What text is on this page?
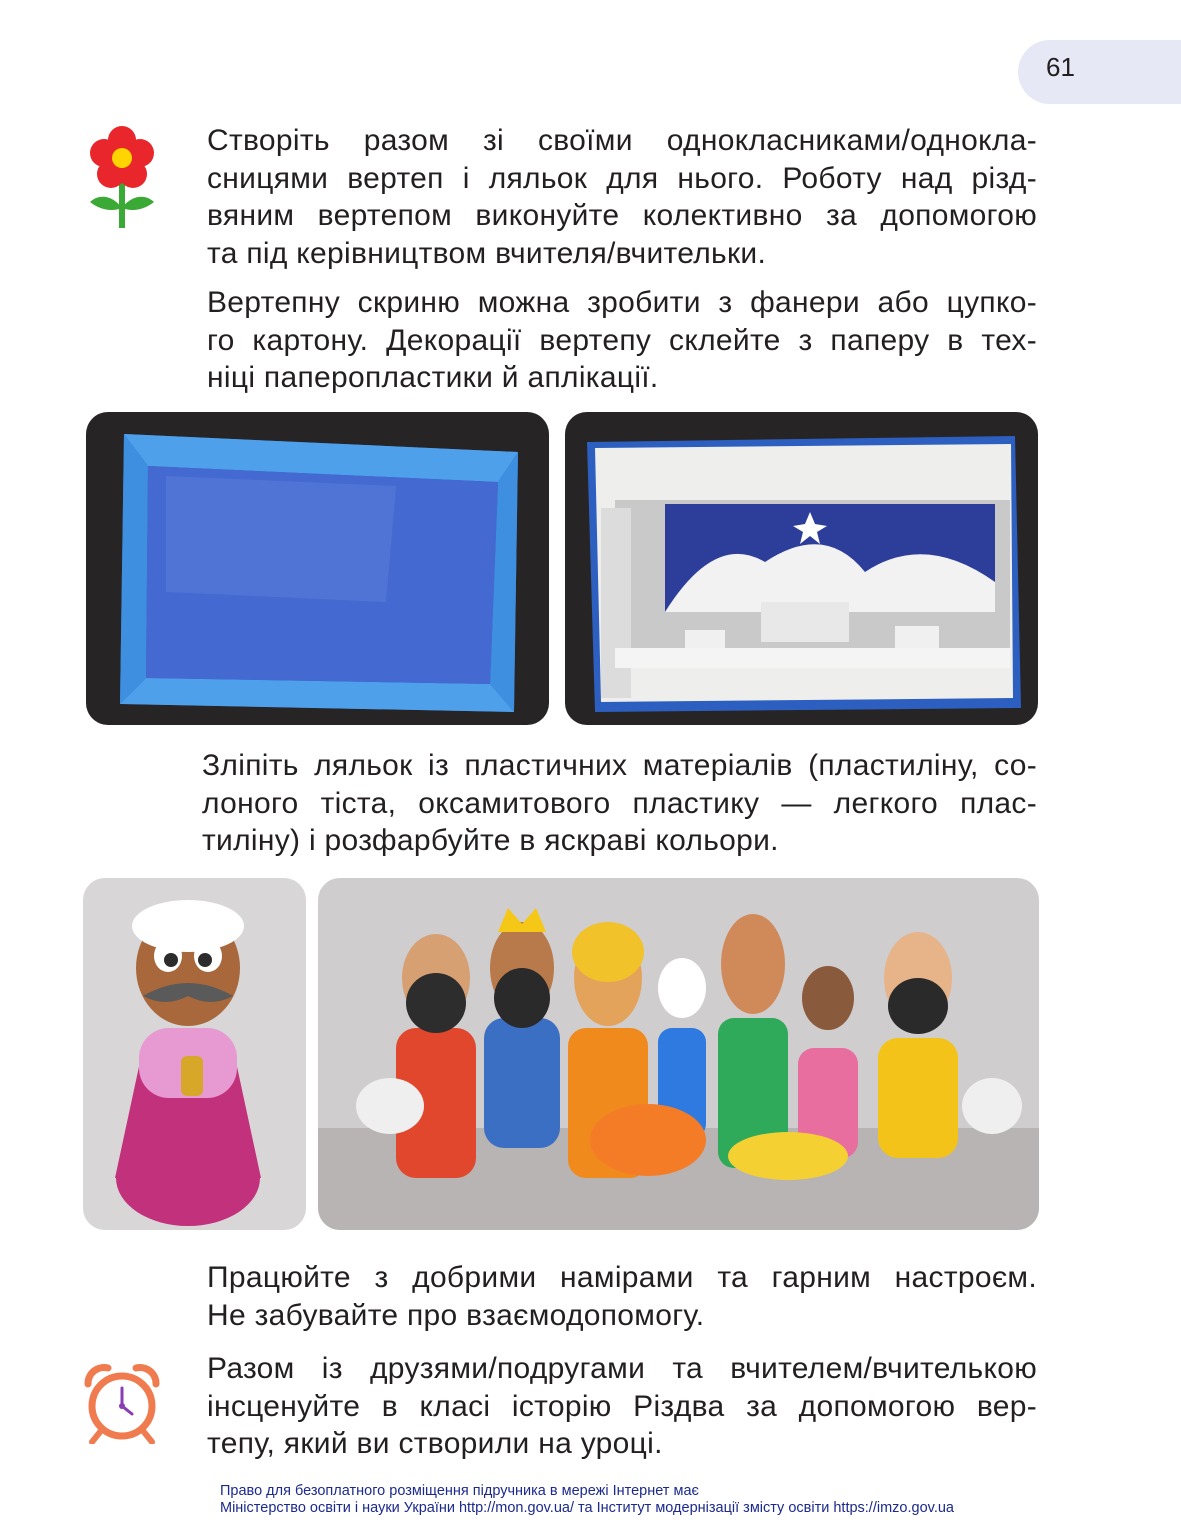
61
Створіть разом зі своїми однокласниками/однокла-
сницями вертеп і ляльок для нього. Роботу над різд-
вяним вертепом виконуйте колективно за допомогою
та під керівництвом вчителя/вчительки.
Вертепну скриню можна зробити з фанери або цупко-
го картону. Декорації вертепу склейте з паперу в тех-
ніці паперопластики й аплікації.
Зліпіть ляльок із пластичних матеріалів (пластиліну, со-
лоного тіста, оксамитового пластику — легкого плас-
тиліну) і розфарбуйте в яскраві кольори.
Працюйте з добрими намірами та гарним настроєм.
Не забувайте про взаємодопомогу.
Разом із друзями/подругами та вчителем/вчителькою
інсценуйте в класі історію Різдва за допомогою вер-
тепу, який ви створили на уроці.
Право для безоплатного розміщення підручника в мережі Інтернет має
Міністерство освіти і науки України http://mon.gov.ua/ та Інститут модернізації змісту освіти https://imzo.gov.ua
